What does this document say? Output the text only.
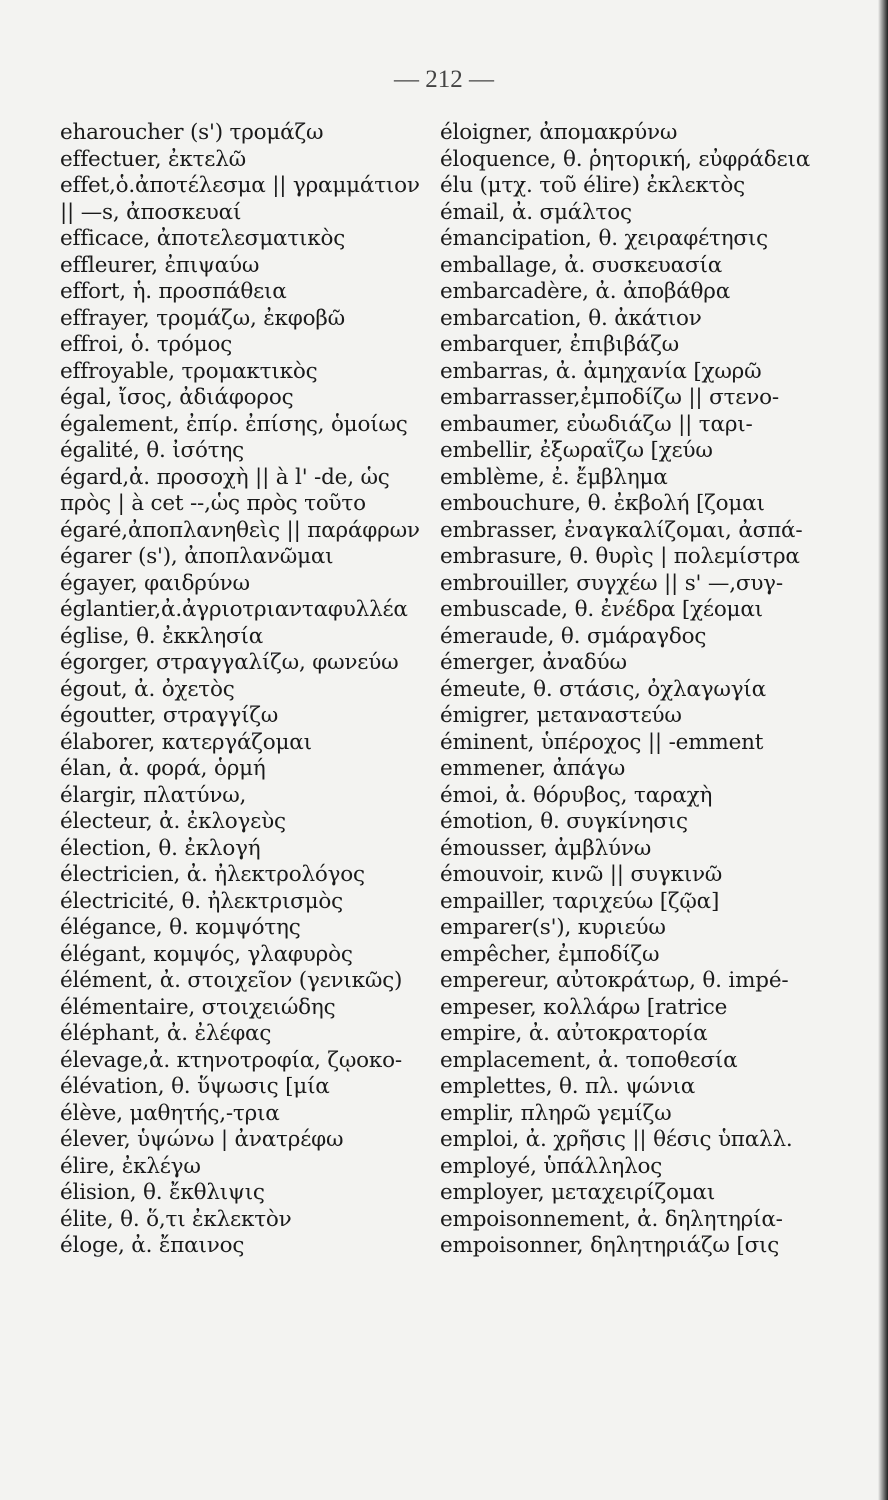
— 212 —
eharoucher (s') τρομάζω
effectuer, ἐκτελῶ
effet,ὁ.ἀποτέλεσμα || γραμμάτιον
|| —s, ἀποσκευαί
efficace, ἀποτελεσματικὸς
effleurer, ἐπιψαύω
effort, ἡ. προσπάθεια
effrayer, τρομάζω, ἐκφοβῶ
effroi, ὁ. τρόμος
effroyable, τρομακτικὸς
égal, ἴσος, ἀδιάφορος
également, ἐπίρ. ἐπίσης, ὁμοίως
égalité, θ. ἰσότης
égard,ἀ. προσοχὴ || à l' -de, ὡς
πρὸς | à cet --,ὡς πρὸς τοῦτο
égaré,ἀποπλανηθεὶς || παράφρων
égarer (s'), ἀποπλανῶμαι
égayer, φαιδρύνω
églantier,ἀ.ἀγριοτριανταφυλλέα
église, θ. ἐκκλησία
égorger, στραγγαλίζω, φωνεύω
égout, ἀ. ὀχετὸς
égoutter, στραγγίζω
élaborer, κατεργάζομαι
élan, ἀ. φορά, ὁρμή
élargir, πλατύνω,
électeur, ἀ. ἐκλογεὺς
élection, θ. ἐκλογή
électricien, ἀ. ἠλεκτρολόγος
électricité, θ. ἠλεκτρισμὸς
élégance, θ. κομψότης
élégant, κομψός, γλαφυρὸς
élément, ἀ. στοιχεῖον (γενικῶς)
élémentaire, στοιχειώδης
éléphant, ἀ. ἐλέφας
élevage,ἀ. κτηνοτροφία, ζῳοκο-
élévation, θ. ὕψωσις [μία
élève, μαθητής,-τρια
élever, ὑψώνω | ἀνατρέφω
élire, ἐκλέγω
élision, θ. ἔκθλιψις
élite, θ. ὅ,τι ἐκλεκτὸν
éloge, ἀ. ἔπαινος
éloigner, ἀπομακρύνω
éloquence, θ. ῥητορική, εὐφράδεια
élu (μτχ. τοῦ élire) ἐκλεκτὸς
émail, ἀ. σμάλτος
émancipation, θ. χειραφέτησις
emballage, ἀ. συσκευασία
embarcadère, ἀ. ἀποβάθρα
embarcation, θ. ἀκάτιον
embarquer, ἐπιβιβάζω
embarras, ἀ. ἀμηχανία [χωρῶ
embarrasser,ἐμποδίζω || στενο-
embaumer, εὐωδιάζω || ταρι-
embellir, ἐξωραΐζω [χεύω
emblème, ἐ. ἔμβλημα
embouchure, θ. ἐκβολή [ζομαι
embrasser, ἐναγκαλίζομαι, ἀσπά-
embrasure, θ. θυρὶς | πολεμίστρα
embrouiller, συγχέω || s' —,συγ-
embuscade, θ. ἐνέδρα [χέομαι
émeraude, θ. σμάραγδος
émerger, ἀναδύω
émeute, θ. στάσις, ὀχλαγωγία
émigrer, μεταναστεύω
éminent, ὑπέροχος || -emment
emmener, ἀπάγω
émoi, ἀ. θόρυβος, ταραχὴ
émotion, θ. συγκίνησις
émousser, ἀμβλύνω
émouvoir, κινῶ || συγκινῶ
empailler, ταριχεύω [ζῷα]
emparer(s'), κυριεύω
empêcher, ἐμποδίζω
empereur, αὐτοκράτωρ, θ. impé-
empeser, κολλάρω [ratrice
empire, ἀ. αὐτοκρατορία
emplacement, ἀ. τοποθεσία
emplettes, θ. πλ. ψώνια
emplir, πληρῶ γεμίζω
emploi, ἀ. χρῆσις || θέσις ὑπαλλ.
employé, ὑπάλληλος
employer, μεταχειρίζομαι
empoisonnement, ἀ. δηλητηρία-
empoisonner, δηλητηριάζω [σις
